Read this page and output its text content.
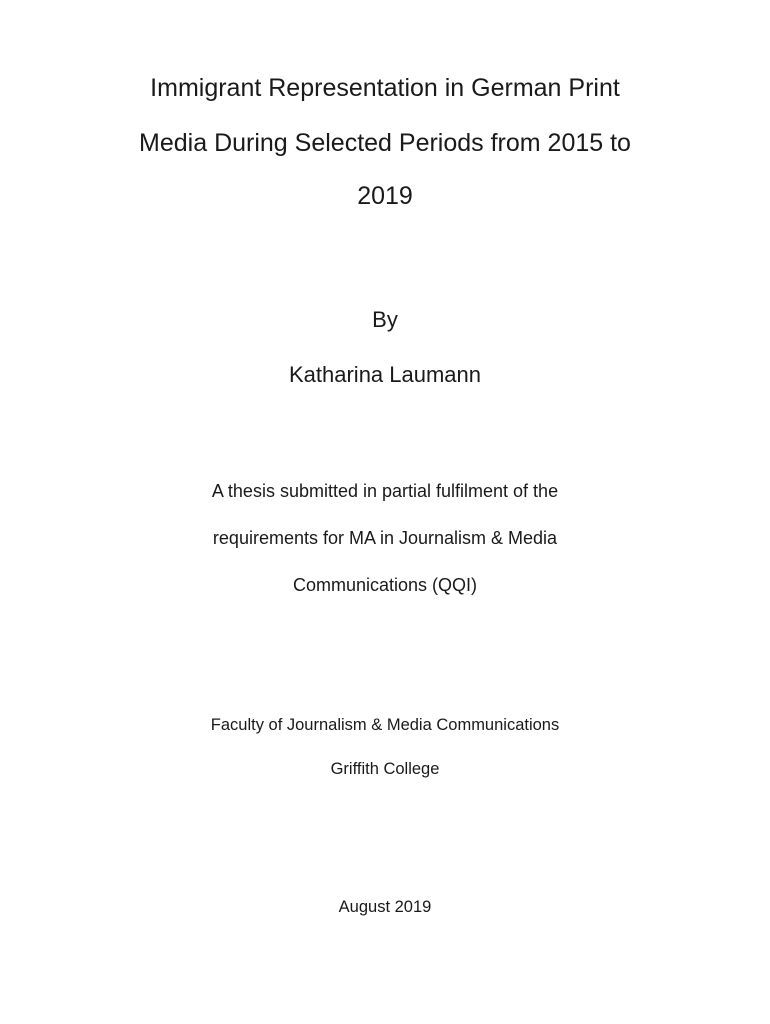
Immigrant Representation in German Print
Media During Selected Periods from 2015 to
2019
By
Katharina Laumann
A thesis submitted in partial fulfilment of the
requirements for MA in Journalism & Media
Communications (QQI)
Faculty of Journalism & Media Communications
Griffith College
August 2019
